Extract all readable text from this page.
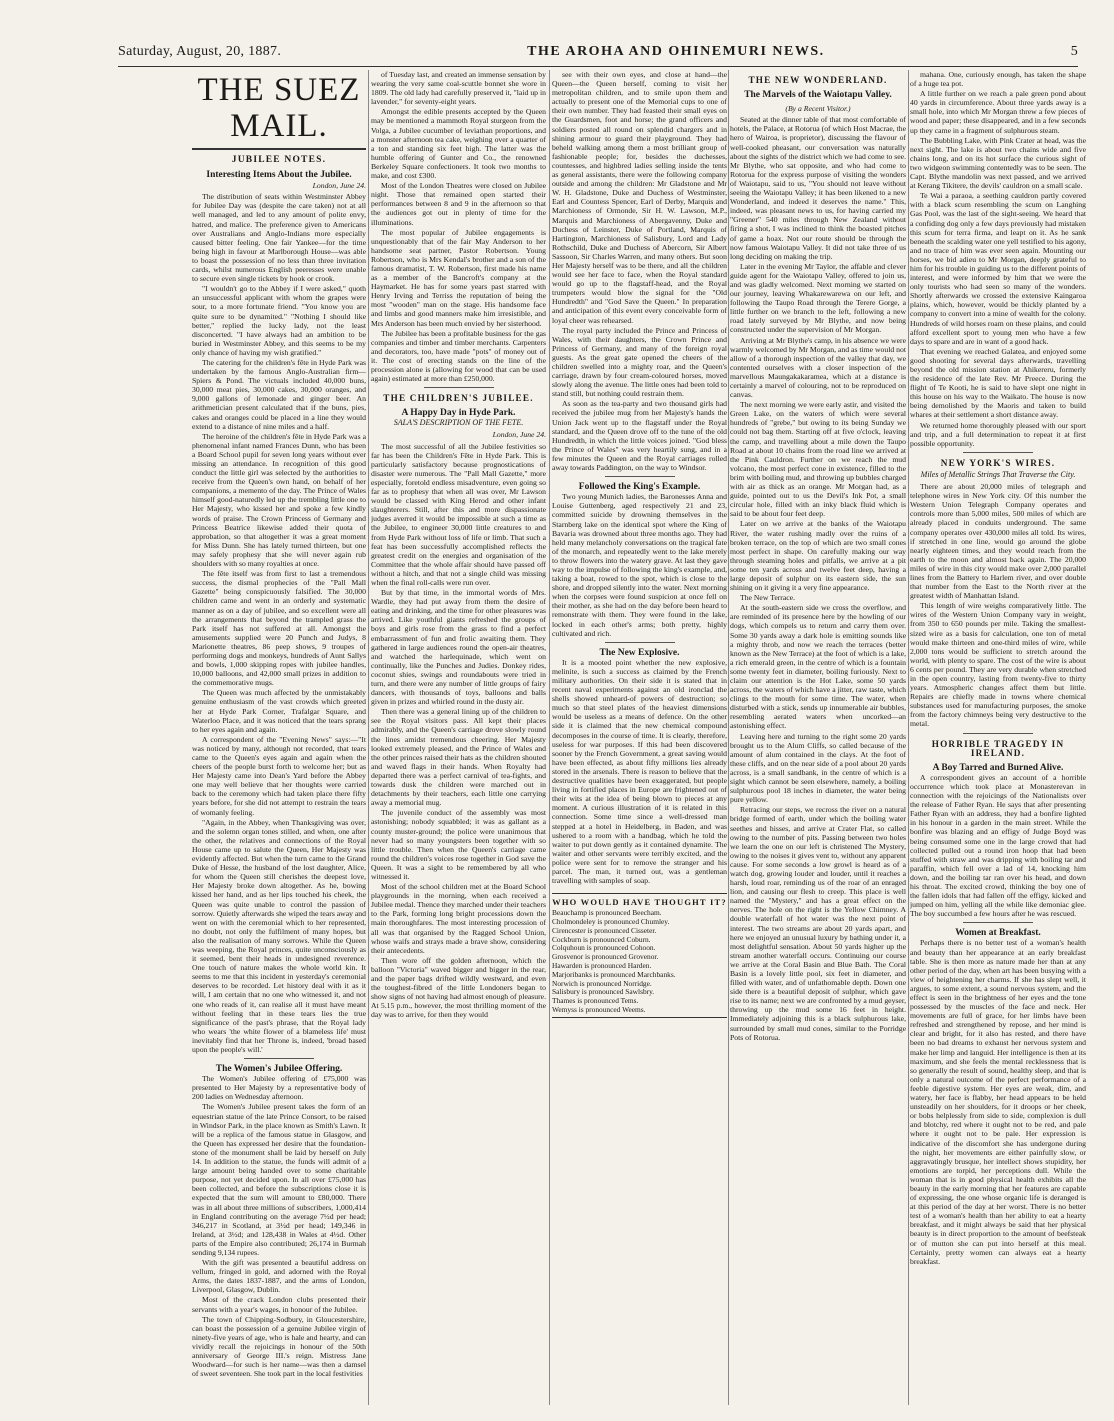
Saturday, August, 20, 1887.	THE AROHA AND OHINEMURI NEWS.	5
THE SUEZ MAIL.
JUBILEE NOTES.
Interesting Items About the Jubilee.
London, June 24.

The distribution of seats within Westminster Abbey for Jubilee Day was (despite the care taken) not at all well managed, and led to any amount of polite envy, hatred, and malice. The preference given to Americans over Australians and Anglo-Indians more especially caused bitter feeling. One fair Yankee—for the time being high in favour at Marlborough House—was able to boast the possession of no less than three invitation cards, whilst numerous English peeresses were unable to secure even single tickets by hook or crook.

"I wouldn't go to the Abbey if I were asked," quoth an unsuccessful applicant with whom the grapes were sour, to a more fortunate friend. "You know you are quite sure to be dynamited." "Nothing I should like better," replied the lucky lady, not the least disconcerted. "I have always had an ambition to be buried in Westminster Abbey, and this seems to be my only chance of having my wish gratified."

The catering for the children's fête in Hyde Park was undertaken by the famous Anglo-Australian firm—Spiers & Pond. The victuals included 40,000 buns, 30,000 meat pies, 30,000 cakes, 30,000 oranges, and 9,000 gallons of lemonade and ginger beer. An arithmetician present calculated that if the buns, pies, cakes and oranges could be placed in a line they would extend to a distance of nine miles and a half.

The heroine of the children's fête in Hyde Park was a phenomenal infant named Frances Dunn, who has been a Board School pupil for seven long years without ever missing an attendance. In recognition of this good conduct the little girl was selected by the authorities to receive from the Queen's own hand, on behalf of her companions, a memento of the day. The Prince of Wales himself good-naturedly led up the trembling little one to Her Majesty, who kissed her and spoke a few kindly words of praise. The Crown Princess of Germany and Princess Beatrice likewise added their quota of approbation, so that altogether it was a great moment for Miss Dunn. She has lately turned thirteen, but one may safely prophesy that she will never again rub shoulders with so many royalties at once.

The fête itself was from first to last a tremendous success, the dismal prophecies of the "Pall Mall Gazette" being conspicuously falsified. The 30,000 children came and went in an orderly and systematic manner as on a day of jubilee, and so excellent were all the arrangements that beyond the trampled grass the Park itself has not suffered at all. Amongst the amusements supplied were 20 Punch and Judys, 8 Marionette theatres, 86 peep shows, 9 troupes of performing dogs and monkeys, hundreds of Aunt Sallys and bowls, 1,000 skipping ropes with jubilee handles, 10,000 balloons, and 42,000 small prizes in addition to the commemorative mugs.

The Queen was much affected by the unmistakably genuine enthusiasm of the vast crowds which greeted her at Hyde Park Corner, Trafalgar Square, and Waterloo Place, and it was noticed that the tears sprang to her eyes again and again.

A correspondent of the "Evening News" says:—"It was noticed by many, although not recorded, that tears came to the Queen's eyes again and again when the cheers of the people burst forth to welcome her; but as Her Majesty came into Dean's Yard before the Abbey one may well believe that her thoughts were carried back to the ceremony which had taken place there fifty years before, for she did not attempt to restrain the tears of womanly feeling.

"Again, in the Abbey, when Thanksgiving was over, and the solemn organ tones stilled, and when, one after the other, the relatives and connections of the Royal House came up to salute the Queen, Her Majesty was evidently affected. But when the turn came to the Grand Duke of Hesse, the husband of the lost daughter, Alice, for whom the Queen still cherishes the deepest love, Her Majesty broke down altogether. As he, bowing kissed her hand, and as her lips touched his cheek, the Queen was quite unable to control the passion of sorrow. Quietly afterwards she wiped the tears away and went on with the ceremonial which to her represented, no doubt, not only the fulfilment of many hopes, but also the realisation of many sorrows. While the Queen was weeping, the Royal princes, quite unconsciously as it seemed, bent their heads in undesigned reverence. One touch of nature makes the whole world kin. It seems to me that this incident in yesterday's ceremonial deserves to be recorded. Let history deal with it as it will, I am certain that no one who witnessed it, and not one who reads of it, can realise all it must have meant without feeling that in these tears lies the true significance of the past's phrase, that the Royal lady who wears 'the white flower of a blameless life' must inevitably find that her Throne is, indeed, 'broad based upon the people's will.'

The Women's Jubilee Offering.

The Women's Jubilee offering of £75,000 was presented to Her Majesty by a representative body of 200 ladies on Wednesday afternoon.

The Women's Jubilee present takes the form of an equestrian statue of the late Prince Consort, to be raised in Windsor Park, in the place known as Smith's Lawn. It will be a replica of the famous statue in Glasgow, and the Queen has expressed her desire that the foundation-stone of the monument shall be laid by herself on July 14. In addition to the statue, the funds will admit of a large amount being handed over to some charitable purpose, not yet decided upon. In all over £75,000 has been collected, and before the subscriptions close it is expected that the sum will amount to £80,000. There was in all about three millions of subscribers, 1,000,414 in England contributing on the average 7½d per head; 346,217 in Scotland, at 3½d per head; 149,346 in Ireland, at 3½d; and 128,438 in Wales at 4½d. Other parts of the Empire also contributed; 26,174 in Burmah sending 9,134 rupees.

With the gift was presented a beautiful address on vellum, fringed in gold, and adorned with the Royal Arms, the dates 1837-1887, and the arms of London, Liverpool, Glasgow, Dublin.

Most of the crack London clubs presented their servants with a year's wages, in honour of the Jubilee.

The town of Chipping-Sodbury, in Gloucestershire, can boast the possession of a genuine Jubilee virgin of ninety-five years of age, who is hale and hearty, and can vividly recall the rejoicings in honour of the 50th anniversary of George III.'s reign. Mistress Jane Woodward—for such is her name—was then a damsel of sweet seventeen. She took part in the local festivities

of Tuesday last, and created an immense sensation by wearing the very same coal-scuttle bonnet she wore in 1809. The old lady had carefully preserved it, "laid up in lavender," for seventy-eight years.

Amongst the edible presents accepted by the Queen may be mentioned a mammoth Royal sturgeon from the Volga, a Jubilee cucumber of leviathan proportions, and a monster afternoon tea cake, weighing over a quarter of a ton and standing six feet high. The latter was the humble offering of Gunter and Co., the renowned Berkeley Square confectioners. It took two months to make, and cost £300.

Most of the London Theatres were closed on Jubilee night. Those that remained open started their performances between 8 and 9 in the afternoon so that the audiences got out in plenty of time for the illuminations.

The most popular of Jubilee engagements is unquestionably that of the fair May Anderson to her handsome seat partner, Pastor Robertson. Young Robertson, who is Mrs Kendal's brother and a son of the famous dramatist, T. W. Robertson, first made his name as a member of the Bancroft's company at the Haymarket. He has for some years past starred with Henry Irving and Terriss the reputation of being the most "wooden" man on the stage. His handsome face and limbs and good manners make him irresistible, and Mrs Anderson has been much envied by her sisterhood.

The Jubilee has been a profitable business for the gas companies and timber and timber merchants. Carpenters and decorators, too, have made "pots" of money out of it. The cost of erecting stands on the line of the procession alone is (allowing for wood that can be used again) estimated at more than £250,000.

THE CHILDREN'S JUBILEE.
A Happy Day in Hyde Park.
SALA'S DESCRIPTION OF THE FETE.
London, June 24.

The most successful of all the Jubilee festivities so far has been the Children's Fête in Hyde Park. This is particularly satisfactory because prognostications of disaster were numerous. The "Pall Mall Gazette," more especially, foretold endless misadventure, even going so far as to prophesy that when all was over, Mr Lawson would be classed with King Herod and other infant slaughterers. Still, after this and more dispassionate judges averred it would be impossible at such a time as the Jubilee, to engineer 30,000 little creatures to and from Hyde Park without loss of life or limb. That such a feat has been successfully accomplished reflects the greatest credit on the energies and organisation of the Committee that the whole affair should have passed off without a hitch, and that not a single child was missing when the final roll-calls were run over.

But by that time, in the immortal words of Mrs. Wardle, they had put away from them the desire of eating and drinking, and the time for other pleasures was arrived. Like youthful giants refreshed the groups of boys and girls rose from the grass to find a perfect embarrassment of fun and frolic awaiting them. They gathered in large audiences round the open-air theatres, and watched the harlequinade, which went on continually, like the Punches and Judies. Donkey rides, coconut shies, swings and roundabouts were tried in turn, and there were any number of little groups of fairy dancers, with thousands of toys, balloons and balls given in prizes and whirled round in the dusty air.

Then there was a general lining up of the children to see the Royal visitors pass. All kept their places admirably, and the Queen's carriage drove slowly round the lines amidst tremendous cheering. Her Majesty looked extremely pleased, and the Prince of Wales and the other princes raised their hats as the children shouted and waved flags in their hands. When Royalty had departed there was a perfect carnival of tea-fights, and towards dusk the children were marched out in detachments by their teachers, each little one carrying away a memorial mug.

The juvenile conduct of the assembly was most astonishing; nobody squabbled; it was as gallant as a county muster-ground; the police were unanimous that never had so many youngsters been together with so little trouble. Then when the Queen's carriage came round the children's voices rose together in God save the Queen. It was a sight to be remembered by all who witnessed it.

Most of the school children met at the Board School playgrounds in the morning, when each received a Jubilee medal. Thence they marched under their teachers to the Park, forming long bright processions down the main thoroughfares. The most interesting procession of all was that organised by the Ragged School Union, whose waifs and strays made a brave show, considering their antecedents.

Then wore off the golden afternoon, which the balloon "Victoria" waved bigger and bigger in the rear, and the paper bags drifted wildly westward, and even the toughest-fibred of the little Londoners began to show signs of not having had almost enough of pleasure. At 5.15 p.m., however, the most thrilling moment of the day was to arrive, for then they would

see with their own eyes, and close at hand—the Queen—the Queen herself, coming to visit her metropolitan children, and to smile upon them and actually to present one of the Memorial cups to one of their own number. They had feasted their small eyes on the Guardsmen, foot and horse; the grand officers and soldiers posted all round on splendid chargers and in shining armour to guard their playground. They had beheld walking among them a most brilliant group of fashionable people; for, besides the duchesses, countesses, and highbred ladies selling inside the tents as general assistants, there were the following company outside and among the children: Mr Gladstone and Mr W. H. Gladstone, Duke and Duchess of Westminster, Earl and Countess Spencer, Earl of Derby, Marquis and Marchioness of Ormonde, Sir H. W. Lawson, M.P., Marquis and Marchioness of Abergavenny, Duke and Duchess of Leinster, Duke of Portland, Marquis of Hartington, Marchioness of Salisbury, Lord and Lady Rothschild, Duke and Duchess of Abercorn, Sir Albert Sassoon, Sir Charles Warren, and many others. But soon Her Majesty herself was to be there, and all the children would see her face to face, when the Royal standard would go up to the flagstaff-head, and the Royal trumpeters would blow the signal for the "Old Hundredth" and "God Save the Queen." In preparation and anticipation of this event every conceivable form of loyal cheer was rehearsed.

The royal party included the Prince and Princess of Wales, with their daughters, the Crown Prince and Princess of Germany, and many of the foreign royal guests. As the great gate opened the cheers of the children swelled into a mighty roar, and the Queen's carriage, drawn by four cream-coloured horses, moved slowly along the avenue. The little ones had been told to stand still, but nothing could restrain them.

As soon as the tea-party and two thousand girls had received the jubilee mug from her Majesty's hands the Union Jack went up to the flagstaff under the Royal standard, and the Queen drove off to the tune of the old Hundredth, in which the little voices joined. "God bless the Prince of Wales" was very heartily sung, and in a few minutes the Queen and the Royal carriages rolled away towards Paddington, on the way to Windsor.

Followed the King's Example.

Two young Munich ladies, the Baronesses Anna and Louise Guttenberg, aged respectively 21 and 23, committed suicide by drowning themselves in the Starnberg lake on the identical spot where the King of Bavaria was drowned about three months ago. They had held many melancholy conversations on the tragical fate of the monarch, and repeatedly went to the lake merely to throw flowers into the watery grave. At last they gave way to the impulse of following the king's example, and, taking a boat, rowed to the spot, which is close to the shore, and dropped silently into the water. Next morning when the corpses were found suspicion at once fell on their mother, as she had on the day before been heard to remonstrate with them. They were found in the lake, locked in each other's arms; both pretty, highly cultivated and rich.

The New Explosive.

It is a mooted point whether the new explosive, melinite, is such a success as claimed by the French military authorities. On their side it is stated that in recent naval experiments against an old ironclad the shells showed unheard-of powers of destruction; so much so that steel plates of the heaviest dimensions would be useless as a means of defence. On the other side it is claimed that the new chemical compound decomposes in the course of time. It is clearly, therefore, useless for war purposes. If this had been discovered sooner by the French Government, a great saving would have been effected, as about fifty millions lies already stored in the arsenals. There is reason to believe that the destructive qualities have been exaggerated, but people living in fortified places in Europe are frightened out of their wits at the idea of being blown to pieces at any moment. A curious illustration of it is related in this connection. Some time since a well-dressed man stepped at a hotel in Heidelberg, in Baden, and was ushered to a room with a handbag, which he told the waiter to put down gently as it contained dynamite. The waiter and other servants were terribly excited, and the police were sent for to remove the stranger and his parcel. The man, it turned out, was a gentleman travelling with samples of soap.

WHO WOULD HAVE THOUGHT IT?
Beauchamp is pronounced Beecham.
Cholmondeley is pronounced Chumley.
Cirencester is pronounced Cisseter.
Cockburn is pronounced Coburn.
Colquhoun is pronounced Cohoon.
Grosvenor is pronounced Grovenor.
Hawarden is pronounced Harden.
Marjoribanks is pronounced Marchbanks.
Norwich is pronounced Norridge.
Salisbury is pronounced Sawlsbry.
Thames is pronounced Tems.
Wemyss is pronounced Weems.
THE NEW WONDERLAND.
The Marvels of the Waiotapu Valley.
(By a Recent Visitor.)

Seated at the dinner table of that most comfortable of hotels, the Palace, at Rotorua (of which Host Macrae, the hero of Wairoa, is proprietor), discussing the flavour of well-cooked pheasant, our conversation was naturally about the sights of the district which we had come to see. Mr Blythe, who sat opposite, and who had come to Rotorua for the express purpose of visiting the wonders of Waiotapu, said to us, "You should not leave without seeing the Waiotapu Valley; it has been likened to a new Wonderland, and indeed it deserves the name." This, indeed, was pleasant news to us, for having carried my "Greener" 540 miles through New Zealand without firing a shot, I was inclined to think the boasted pitches of game a hoax. Not our route should be through the now famous Waiotapu Valley. It did not take three of us long deciding on making the trip.

Later in the evening Mr Taylor, the affable and clever guide agent for the Waiotapu Valley, offered to join us, and was gladly welcomed. Next morning we started on our journey, leaving Whakarewarewa on our left, and following the Taupo Road through the Terere Gorge, a little further on we branch to the left, following a new road lately surveyed by Mr Blythe, and now being constructed under the supervision of Mr Morgan.

Arriving at Mr Blythe's camp, in his absence we were warmly welcomed by Mr Morgan, and as time would not allow of a thorough inspection of the valley that day, we contented ourselves with a closer inspection of the marvellous Maungakakaramea, which at a distance is certainly a marvel of colouring, not to be reproduced on canvas.

The next morning we were early astir, and visited the Green Lake, on the waters of which were several hundreds of "grebe," but owing to its being Sunday we could not bag them. Starting off at five o'clock, leaving the camp, and travelling about a mile down the Taupo Road at about 10 chains from the road line we arrived at the Pink Cauldron. Further on we reach the mud volcano, the most perfect cone in existence, filled to the brim with boiling mud, and throwing up bubbles charged with air as thick as an orange. Mr Morgan had, as a guide, pointed out to us the Devil's Ink Pot, a small circular hole, filled with an inky black fluid which is said to be about four feet deep.

Later on we arrive at the banks of the Waiotapu River, the water rushing madly over the ruins of a broken terrace, on the top of which are two small cones most perfect in shape. On carefully making our way through steaming holes and pitfalls, we arrive at a pit some ten yards across and twelve feet deep, having a large deposit of sulphur on its eastern side, the sun shining on it giving it a very fine appearance.

The New Terrace.

At the south-eastern side we cross the overflow, and are reminded of its presence here by the howling of our dogs, which compels us to return and carry them over. Some 30 yards away a dark hole is emitting sounds like a mighty throb, and now we reach the terraces (better known as the New Terrace) at the foot of which is a lake, a rich emerald green, in the centre of which is a fountain some twenty feet in diameter, boiling furiously. Next to claim our attention is the Hot Lake, some 50 yards across, the waters of which have a jitter, raw taste, which clings to the mouth for some time. The water, when disturbed with a stick, sends up innumerable air bubbles, resembling aerated waters when uncorked—an astonishing effect.

Leaving here and turning to the right some 20 yards brought us to the Alum Cliffs, so called because of the amount of alum contained in the clays. At the foot of these cliffs, and on the near side of a pool about 20 yards across, is a small sandbank, in the centre of which is a sight which cannot be seen elsewhere, namely, a boiling sulphurous pool 18 inches in diameter, the water being pure yellow.

Retracing our steps, we recross the river on a natural bridge formed of earth, under which the boiling water seethes and hisses, and arrive at Crater Flat, so called owing to the number of pits. Passing between two holes we learn the one on our left is christened The Mystery, owing to the noises it gives vent to, without any apparent cause. For some seconds a low growl is heard as of a watch dog, growing louder and louder, until it reaches a harsh, loud roar, reminding us of the roar of an enraged lion, and causing our flesh to creep. This place is well named the "Mystery," and has a great effect on the nerves. The hole on the right is the Yellow Chimney. A double waterfall of hot water was the next point of interest. The two streams are about 20 yards apart, and here we enjoyed an unusual luxury by bathing under it, a most delightful sensation. About 50 yards higher up the stream another waterfall occurs. Continuing our course we arrive at the Coral Basin and Blue Bath. The Coral Basin is a lovely little pool, six feet in diameter, and filled with water, and of unfathomable depth. Down one side there is a beautiful deposit of sulphur, which gave rise to its name; next we are confronted by a mud geyser, throwing up the mud some 16 feet in height. Immediately adjoining this is a black sulphurous lake, surrounded by small mud cones, similar to the Porridge Pots of Rotorua.

mahana. One, curiously enough, has taken the shape of a huge tea pot.

A little further on we reach a pale green pond about 40 yards in circumference. About three yards away is a small hole, into which Mr Morgan threw a few pieces of wood and paper; these disappeared, and in a few seconds up they came in a fragment of sulphurous steam.

The Bubbling Lake, with Pink Crater at head, was the next sight. The lake is about two chains wide and five chains long, and on its hot surface the curious sight of two widgeon swimming contentedly was to be seen. The Capt. Blythe mandolin was next passed, and we arrived at Kerang Tikitere, the devils' cauldron on a small scale.

Te Wai a paraoa, a seething cauldron partly covered with a black scum resembling the scum on Langhing Gas Pool, was the last of the sight-seeing. We heard that a confiding dog only a few days previously had mistaken this scum for terra firma, and leapt on it. As he sank beneath the scalding water one yell testified to his agony, and no trace of him was ever seen again. Mounting our horses, we bid adieu to Mr Morgan, deeply grateful to him for his trouble in guiding us to the different points of interest, and were informed by him that we were the only tourists who had seen so many of the wonders. Shortly afterwards we crossed the extensive Kaingaroa plains, which, however, would be thickly planted by a company to convert into a mine of wealth for the colony. Hundreds of wild horses roam on these plains, and could afford excellent sport to young men who have a few days to spare and are in want of a good hack.

That evening we reached Galatea, and enjoyed some good shooting for several days afterwards, travelling beyond the old mission station at Ahikereru, formerly the residence of the late Rev. Mr Preece. During the flight of Te Kooti, he is said to have slept one night in this house on his way to the Waikato. The house is now being demolished by the Maoris and taken to build whares at their settlement a short distance away.

We returned home thoroughly pleased with our sport and trip, and a full determination to repeat it at first possible opportunity.

NEW YORK'S WIRES.
Miles of Metallic Strings That Traverse the City.

There are about 20,000 miles of telegraph and telephone wires in New York city. Of this number the Western Union Telegraph Company operates and controls more than 5,000 miles, 500 miles of which are already placed in conduits underground. The same company operates over 430,000 miles all told. Its wires, if stretched in one line, would go around the globe nearly eighteen times, and they would reach from the earth to the moon and almost back again. The 20,000 miles of wire in this city would make over 2,000 parallel lines from the Battery to Harlem river, and over double that number from the East to the North river at the greatest width of Manhattan Island.

This length of wire weighs comparatively little. The wires of the Western Union Company vary in weight, from 350 to 650 pounds per mile. Taking the smallest-sized wire as a basis for calculation, one ton of metal would make thirteen and one-third miles of wire, while 2,000 tons would be sufficient to stretch around the world, with plenty to spare. The cost of the wire is about 6 cents per pound. They are very durable when stretched in the open country, lasting from twenty-five to thirty years. Atmospheric changes affect them but little. Repairs are chiefly made in towns where chemical substances used for manufacturing purposes, the smoke from the factory chimneys being very destructive to the metal.

HORRIBLE TRAGEDY IN IRELAND.
A Boy Tarred and Burned Alive.

A correspondent gives an account of a horrible occurrence which took place at Monasterevan in connection with the rejoicings of the Nationalists over the release of Father Ryan. He says that after presenting Father Ryan with an address, they had a bonfire lighted in his honour in a garden in the main street. While the bonfire was blazing and an effigy of Judge Boyd was being consumed some one in the large crowd that had collected pulled out a round iron hoop that had been stuffed with straw and was dripping with boiling tar and paraffin, which fell over a lad of 14, knocking him down, and the boiling tar ran over his head, and down his throat. The excited crowd, thinking the boy one of the fallen idols that had fallen off the effigy, kicked and jumped on him, yelling all the while like demoniac glee. The boy succumbed a few hours after he was rescued.

Women at Breakfast.

Perhaps there is no better test of a woman's health and beauty than her appearance at an early breakfast table. She is then more as nature made her than at any other period of the day, when art has been busying with a view of heightening her charms. If she has slept well, it argues, to some extent, a sound nervous system, and the effect is seen in the brightness of her eyes and the tone possessed by the muscles of the face and neck. Her movements are full of grace, for her limbs have been refreshed and strengthened by repose, and her mind is clear and bright, for it also has rested, and there have been no bad dreams to exhaust her nervous system and make her limp and languid. Her intelligence is then at its maximum, and she feels the mental recklessness that is so generally the result of sound, healthy sleep, and that is only a natural outcome of the perfect performance of a feeble digestive system. Her eyes are weak, dim, and watery, her face is flabby, her head appears to be held unsteadily on her shoulders, for it droops or her cheek, or bobs helplessly from side to side, complexion is dull and blotchy, red where it ought not to be red, and pale where it ought not to be pale. Her expression is indicative of the discomfort she has undergone during the night, her movements are either painfully slow, or aggravatingly brusque, her intellect shows stupidity, her emotions are torpid, her perceptions dull. While the woman that is in good physical health exhibits all the beauty in the early morning that her features are capable of expressing, the one whose organic life is deranged is at this period of the day at her worst. There is no better test of a woman's health than her ability to eat a hearty breakfast, and it might always be said that her physical beauty is in direct proportion to the amount of beefsteak or of mutton she can put into herself at this meal. Certainly, pretty women can always eat a hearty breakfast.
